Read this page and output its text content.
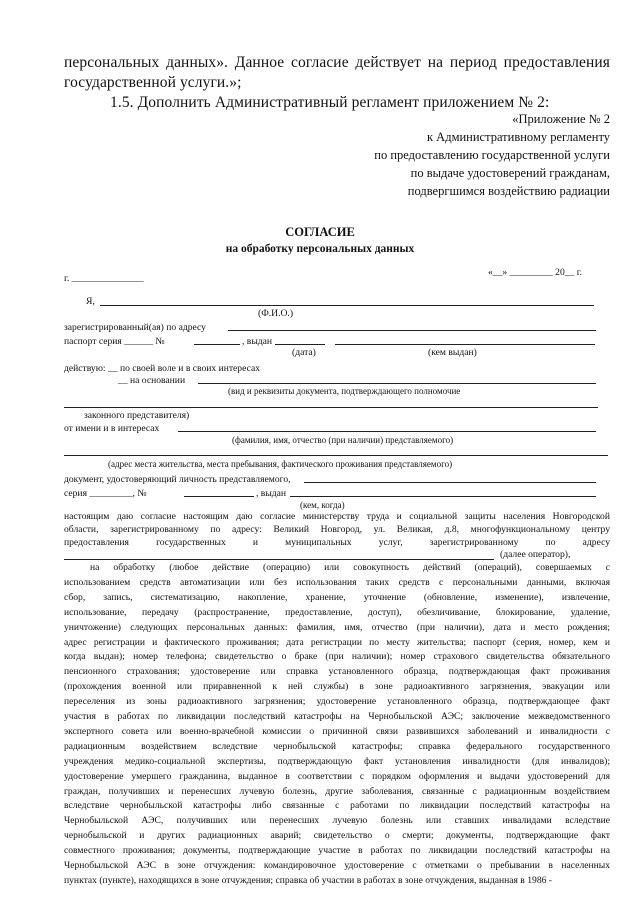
персональных данных». Данное согласие действует на период предоставления
государственной услуги.»;
1.5. Дополнить Административный регламент приложением № 2:
«Приложение № 2
к Административному регламенту
по предоставлению государственной услуги
по выдаче удостоверений гражданам,
подвергшимся воздействию радиации
СОГЛАСИЕ
на обработку персональных данных
г. _______________
«__» _________ 20__ г.
Я,
(Ф.И.О.)
зарегистрированный(ая) по адресу
паспорт серия ______ №	, выдан
(дата)	(кем выдан)
действую: __ по своей воле и в своих интересах
__ на основании
(вид и реквизиты документа, подтверждающего полномочие
законного представителя)
от имени и в интересах
(фамилия, имя, отчество (при наличии) представляемого)
(адрес места жительства, места пребывания, фактического проживания представляемого)
документ, удостоверяющий личность представляемого,
серия _________, №	, выдан
(кем, когда)
настоящим даю согласие настоящим даю согласие министерству труда и социальной защиты населения Новгородской
области, зарегистрированному по адресу: Великий Новгород, ул. Великая, д.8, многофункциональному центру
предоставления государственных и муниципальных услуг, зарегистрированному по адресу
(далее оператор),
на обработку (любое действие (операцию) или совокупность действий (операций), совершаемых с
использованием средств автоматизации или без использования таких средств с персональными данными, включая
сбор, запись, систематизацию, накопление, хранение, уточнение (обновление, изменение), извлечение,
использование, передачу (распространение, предоставление, доступ), обезличивание, блокирование, удаление,
уничтожение) следующих персональных данных: фамилия, имя, отчество (при наличии), дата и место рождения;
адрес регистрации и фактического проживания; дата регистрации по месту жительства; паспорт (серия, номер, кем и
когда выдан); номер телефона; свидетельство о браке (при наличии); номер страхового свидетельства обязательного
пенсионного страхования; удостоверение или справка установленного образца, подтверждающая факт проживания
(прохождения военной или приравненной к ней службы) в зоне радиоактивного загрязнения, эвакуации или
переселения из зоны радиоактивного загрязнения; удостоверение установленного образца, подтверждающее факт
участия в работах по ликвидации последствий катастрофы на Чернобыльской АЭС; заключение межведомственного
экспертного совета или военно-врачебной комиссии о причинной связи развившихся заболеваний и инвалидности с
радиационным воздействием вследствие чернобыльской катастрофы; справка федерального государственного
учреждения медико-социальной экспертизы, подтверждающую факт установления инвалидности (для инвалидов);
удостоверение умершего гражданина, выданное в соответствии с порядком оформления и выдачи удостоверений для
граждан, получивших и перенесших лучевую болезнь, другие заболевания, связанные с радиационным воздействием
вследствие чернобыльской катастрофы либо связанные с работами по ликвидации последствий катастрофы на
Чернобыльской АЭС, получивших или перенесших лучевую болезнь или ставших инвалидами вследствие
чернобыльской и других радиационных аварий; свидетельство о смерти; документы, подтверждающие факт
совместного проживания; документы, подтверждающие участие в работах по ликвидации последствий катастрофы на
Чернобыльской АЭС в зоне отчуждения: командировочное удостоверение с отметками о пребывании в населенных
пунктах (пункте), находящихся в зоне отчуждения; справка об участии в работах в зоне отчуждения, выданная в 1986 -
